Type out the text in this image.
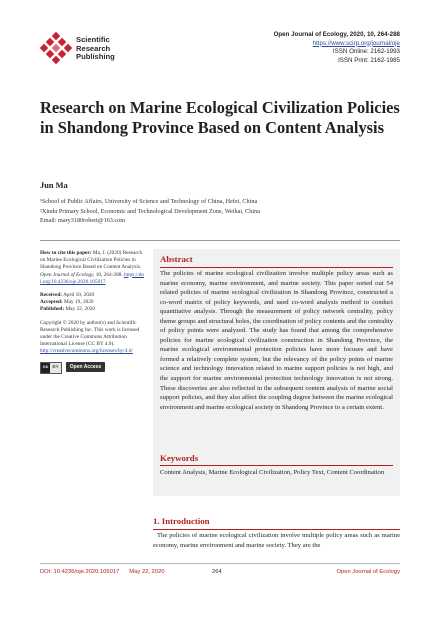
Scientific
Research
Publishing
Open Journal of Ecology, 2020, 10, 264-288
https://www.scirp.org/journal/oje
ISSN Online: 2162-1993
ISSN Print: 2162-1985
Research on Marine Ecological Civilization Policies in Shandong Province Based on Content Analysis
Jun Ma
¹School of Public Affairs, University of Science and Technology of China, Hefei, China
²Xindu Primary School, Economic and Technological Development Zone, Weihai, China
Email: mary3180robert@163.com

How to cite this paper: Ma, J. (2020) Research on Marine Ecological Civilization Policies in Shandong Province Based on Content Analysis. Open Journal of Ecology, 10, 264-288. https://doi.org/10.4236/oje.2020.105017

Received: April 10, 2020
Accepted: May 19, 2020
Published: May 22, 2020

Copyright © 2020 by author(s) and Scientific Research Publishing Inc. This work is licensed under the Creative Commons Attribution International License (CC BY 4.0).
http://creativecommons.org/licenses/by/4.0/

cc BY	Open Access
Abstract

The policies of marine ecological civilization involve multiple policy areas such as marine economy, marine environment, and marine society. This paper sorted out 54 related policies of marine ecological civilization in Shandong Province, constructed a co-word matrix of policy keywords, and used co-word analysis method to conduct quantitative analysis. Through the measurement of policy network centrality, policy theme groups and structural holes, the coordination of policy contents and the centrality of policy points were analyzed. The study has found that among the comprehensive policies for marine ecological civilization construction in Shandong Province, the marine ecological environmental protection policies have more focuses and have formed a relatively complete system, but the relevancy of the policy points of marine science and technology innovation related to marine support policies is not high, and the support for marine environmental protection technology innovation is not strong. These discoveries are also reflected in the subsequent content analysis of marine social support policies, and they also affect the coupling degree between the marine ecological environment and marine ecological society in Shandong Province to a certain extent.

Keywords

Content Analysis, Marine Ecological Civilization, Policy Text, Content Coordination

1. Introduction

The policies of marine ecological civilization involve multiple policy areas such as marine economy, marine environment and marine society. They are the

DOI: 10.4236/oje.2020.105017 May 22, 2020	264	Open Journal of Ecology
